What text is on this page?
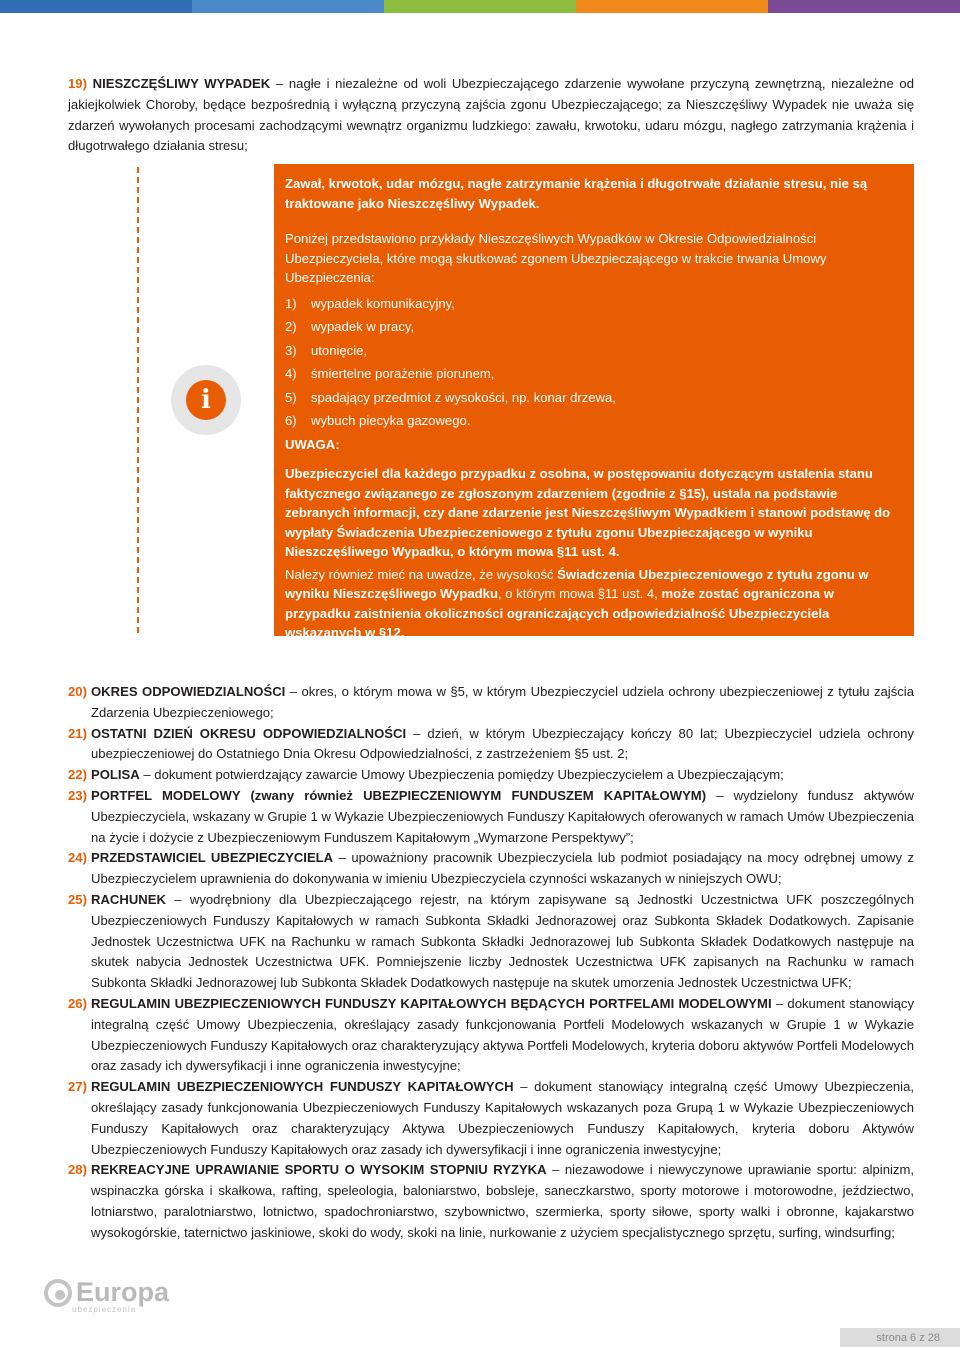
19) NIESZCZĘŚLIWY WYPADEK – nagłe i niezależne od woli Ubezpieczającego zdarzenie wywołane przyczyną zewnętrzną, niezależne od jakiejkolwiek Choroby, będące bezpośrednią i wyłączną przyczyną zajścia zgonu Ubezpieczającego; za Nieszczęśliwy Wypadek nie uważa się zdarzeń wywołanych procesami zachodzącymi wewnątrz organizmu ludzkiego: zawału, krwotoku, udaru mózgu, nagłego zatrzymania krążenia i długotrwałego działania stresu;
i

Zawał, krwotok, udar mózgu, nagłe zatrzymanie krążenia i długotrwałe działanie stresu, nie są traktowane jako Nieszczęśliwy Wypadek.

Poniżej przedstawiono przykłady Nieszczęśliwych Wypadków w Okresie Odpowiedzialności Ubezpieczyciela, które mogą skutkować zgonem Ubezpieczającego w trakcie trwania Umowy Ubezpieczenia:

1)	wypadek komunikacyjny,
2)	wypadek w pracy,
3)	utonięcie,
4)	śmiertelne porażenie piorunem,
5)	spadający przedmiot z wysokości, np. konar drzewa,
6)	wybuch piecyka gazowego.

UWAGA:

Ubezpieczyciel dla każdego przypadku z osobna, w postępowaniu dotyczącym ustalenia stanu faktycznego związanego ze zgłoszonym zdarzeniem (zgodnie z §15), ustala na podstawie zebranych informacji, czy dane zdarzenie jest Nieszczęśliwym Wypadkiem i stanowi podstawę do wypłaty Świadczenia Ubezpieczeniowego z tytułu zgonu Ubezpieczającego w wyniku Nieszczęśliwego Wypadku, o którym mowa §11 ust. 4.

Należy również mieć na uwadze, że wysokość Świadczenia Ubezpieczeniowego z tytułu zgonu w wyniku Nieszczęśliwego Wypadku, o którym mowa §11 ust. 4, może zostać ograniczona w przypadku zaistnienia okoliczności ograniczających odpowiedzialność Ubezpieczyciela wskazanych w §12.

20) OKRES ODPOWIEDZIALNOŚCI – okres, o którym mowa w §5, w którym Ubezpieczyciel udziela ochrony ubezpieczeniowej z tytułu zajścia Zdarzenia Ubezpieczeniowego;
21) OSTATNI DZIEŃ OKRESU ODPOWIEDZIALNOŚCI – dzień, w którym Ubezpieczający kończy 80 lat; Ubezpieczyciel udziela ochrony ubezpieczeniowej do Ostatniego Dnia Okresu Odpowiedzialności, z zastrzeżeniem §5 ust. 2;
22) POLISA – dokument potwierdzający zawarcie Umowy Ubezpieczenia pomiędzy Ubezpieczycielem a Ubezpieczającym;
23) PORTFEL MODELOWY (zwany również UBEZPIECZENIOWYM FUNDUSZEM KAPITAŁOWYM) – wydzielony fundusz aktywów Ubezpieczyciela, wskazany w Grupie 1 w Wykazie Ubezpieczeniowych Funduszy Kapitałowych oferowanych w ramach Umów Ubezpieczenia na życie i dożycie z Ubezpieczeniowym Funduszem Kapitałowym „Wymarzone Perspektywy”;
24) PRZEDSTAWICIEL UBEZPIECZYCIELA – upoważniony pracownik Ubezpieczyciela lub podmiot posiadający na mocy odrębnej umowy z Ubezpieczycielem uprawnienia do dokonywania w imieniu Ubezpieczyciela czynności wskazanych w niniejszych OWU;
25) RACHUNEK – wyodrębniony dla Ubezpieczającego rejestr, na którym zapisywane są Jednostki Uczestnictwa UFK poszczególnych Ubezpieczeniowych Funduszy Kapitałowych w ramach Subkonta Składki Jednorazowej oraz Subkonta Składek Dodatkowych. Zapisanie Jednostek Uczestnictwa UFK na Rachunku w ramach Subkonta Składki Jednorazowej lub Subkonta Składek Dodatkowych następuje na skutek nabycia Jednostek Uczestnictwa UFK. Pomniejszenie liczby Jednostek Uczestnictwa UFK zapisanych na Rachunku w ramach Subkonta Składki Jednorazowej lub Subkonta Składek Dodatkowych następuje na skutek umorzenia Jednostek Uczestnictwa UFK;
26) REGULAMIN UBEZPIECZENIOWYCH FUNDUSZY KAPITAŁOWYCH BĘDĄCYCH PORTFELAMI MODELOWYMI – dokument stanowiący integralną część Umowy Ubezpieczenia, określający zasady funkcjonowania Portfeli Modelowych wskazanych w Grupie 1 w Wykazie Ubezpieczeniowych Funduszy Kapitałowych oraz charakteryzujący aktywa Portfeli Modelowych, kryteria doboru aktywów Portfeli Modelowych oraz zasady ich dywersyfikacji i inne ograniczenia inwestycyjne;
27) REGULAMIN UBEZPIECZENIOWYCH FUNDUSZY KAPITAŁOWYCH – dokument stanowiący integralną część Umowy Ubezpieczenia, określający zasady funkcjonowania Ubezpieczeniowych Funduszy Kapitałowych wskazanych poza Grupą 1 w Wykazie Ubezpieczeniowych Funduszy Kapitałowych oraz charakteryzujący Aktywa Ubezpieczeniowych Funduszy Kapitałowych, kryteria doboru Aktywów Ubezpieczeniowych Funduszy Kapitałowych oraz zasady ich dywersyfikacji i inne ograniczenia inwestycyjne;
28) REKREACYJNE UPRAWIANIE SPORTU O WYSOKIM STOPNIU RYZYKA – niezawodowe i niewyczynowe uprawianie sportu: alpinizm, wspinaczka górska i skałkowa, rafting, speleologia, baloniarstwo, bobsleje, saneczkarstwo, sporty motorowe i motorowodne, jeździectwo, lotniarstwo, paralotniarstwo, lotnictwo, spadochroniarstwo, szybownictwo, szermierka, sporty siłowe, sporty walki i obronne, kajakarstwo wysokogórskie, taternictwo jaskiniowe, skoki do wody, skoki na linie, nurkowanie z użyciem specjalistycznego sprzętu, surfing, windsurfing;
Europa
ubezpieczenia
strona 6 z 28
